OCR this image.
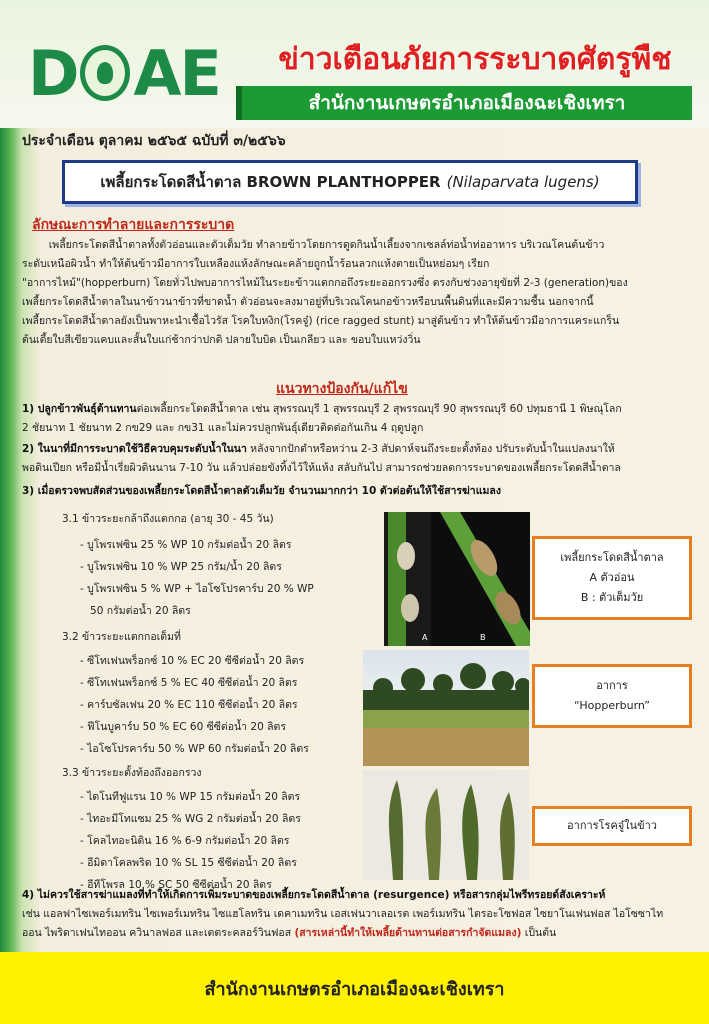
D AE	ข่าวเตือนภัยการระบาดศัตรูพืช
สำนักงานเกษตรอำเภอเมืองฉะเชิงเทรา
ประจำเดือน ตุลาคม ๒๕๖๕ ฉบับที่ ๓/๒๕๖๖
เพลี้ยกระโดดสีน้ำตาล BROWN PLANTHOPPER (Nilaparvata lugens)
ลักษณะการทำลายและการระบาด
เพลี้ยกระโดดสีน้ำตาลทั้งตัวอ่อนและตัวเต็มวัย ทำลายข้าวโดยการดูดกินน้ำเลี้ยงจากเซลล์ท่อน้ำท่ออาหาร บริเวณโคนต้นข้าว
ระดับเหนือผิวน้ำ ทำให้ต้นข้าวมีอาการใบเหลืองแห้งลักษณะคล้ายถูกน้ำร้อนลวกแห้งตายเป็นหย่อมๆ เรียก
"อาการไหม้"(hopperburn) โดยทั่วไปพบอาการไหม้ในระยะข้าวแตกกอถึงระยะออกรวงซึ่ง ตรงกับช่วงอายุขัยที่ 2-3 (generation)ของ
เพลี้ยกระโดดสีน้ำตาลในนาข้าวนาข้าวที่ขาดน้ำ ตัวอ่อนจะลงมาอยู่ที่บริเวณโคนกอข้าวหรือบนพื้นดินที่และมีความชื้น นอกจากนี้
เพลี้ยกระโดดสีน้ำตาลยังเป็นพาหะนำเชื้อไวรัส โรคใบหงิก(โรคจู๋) (rice ragged stunt) มาสู่ต้นข้าว ทำให้ต้นข้าวมีอาการแคระแกร็น
ต้นเตี้ยใบสีเขียวแคบและสั้นใบแก่ช้ากว่าปกติ ปลายใบบิด เป็นเกลียว และ ขอบใบแหว่งวิ่น
แนวทางป้องกัน/แก้ไข
1) ปลูกข้าวพันธุ์ต้านทานต่อเพลี้ยกระโดดสีน้ำตาล เช่น สุพรรณบุรี 1 สุพรรณบุรี 2 สุพรรณบุรี 90 สุพรรณบุรี 60 ปทุมธานี 1 พิษณุโลก
2 ชัยนาท 1 ชัยนาท 2 กข29 และ กข31 และไม่ควรปลูกพันธุ์เดียวติดต่อกันเกิน 4 ฤดูปลูก
2) ในนาที่มีการระบาดใช้วิธีควบคุมระดับน้ำในนา หลังจากปักดำหรือหว่าน 2-3 สัปดาห์จนถึงระยะตั้งท้อง ปรับระดับน้ำในแปลงนาให้
พอดินเปียก หรือมีน้ำเรี่ยผิวดินนาน 7-10 วัน แล้วปล่อยขังทิ้งไว้ให้แห้ง สลับกันไป สามารถช่วยลดการระบาดของเพลี้ยกระโดดสีน้ำตาล
3) เมื่อตรวจพบสัดส่วนของเพลี้ยกระโดดสีน้ำตาลตัวเต็มวัย จำนวนมากกว่า 10 ตัวต่อต้นให้ใช้สารฆ่าแมลง
3.1 ข้าวระยะกล้าถึงแตกกอ (อายุ 30 - 45 วัน)
- บูโพรเฟซิน 25 % WP 10 กรัมต่อน้ำ 20 ลิตร
- บูโพรเฟซิน 10 % WP 25 กรัม/น้ำ 20 ลิตร
- บูโพรเฟซิน 5 % WP + ไอโซโปรคาร์บ 20 % WP
50 กรัมต่อน้ำ 20 ลิตร
3.2 ข้าวระยะแตกกอเต็มที่
- ซีโทเฟนพร็อกซ์ 10 % EC 20 ซีซีต่อน้ำ 20 ลิตร
- ซีโทเฟนพร็อกซ์ 5 % EC 40 ซีซีต่อน้ำ 20 ลิตร
- คาร์บซัลเฟน 20 % EC 110 ซีซีต่อน้ำ 20 ลิตร
- ฟีโนบูคาร์บ 50 % EC 60 ซีซีต่อน้ำ 20 ลิตร
- ไอโซโปรคาร์บ 50 % WP 60 กรัมต่อน้ำ 20 ลิตร
3.3 ข้าวระยะตั้งท้องถึงออกรวง
- ไดโนทีฟูแรน 10 % WP 15 กรัมต่อน้ำ 20 ลิตร
- ไทอะมีโทแซม 25 % WG 2 กรัมต่อน้ำ 20 ลิตร
- โคลไทอะนิดิน 16 % 6-9 กรัมต่อน้ำ 20 ลิตร
- อีมิดาโคลพริด 10 % SL 15 ซีซีต่อน้ำ 20 ลิตร
- อีทีโพรล 10 % SC 50 ซีซีต่อน้ำ 20 ลิตร
A	B
เพลี้ยกระโดดสีน้ำตาล
A ตัวอ่อน
B : ตัวเต็มวัย
อาการ
“Hopperburn”
อาการโรคจู๋ในข้าว
4) ไม่ควรใช้สารฆ่าแมลงที่ทำให้เกิดการเพิ่มระบาดของเพลี้ยกระโดดสีน้ำตาล (resurgence) หรือสารกลุ่มไพรีทรอยด์สังเคราะห์
เช่น แอลฟาไซเพอร์เมทริน ไซเพอร์เมทริน ไซแฮโลทริน เดคาเมทริน เอสเฟนวาเลอเรต เพอร์เมทริน ไตรอะโซฟอส ไซยาโนเฟนฟอส ไอโซซาไท
ออน ไพริดาเฟนไทออน ควินาลฟอส และเตตระคลอร์วินฟอส (สารเหล่านี้ทำให้เพลี้ยต้านทานต่อสารกำจัดแมลง) เป็นต้น
สำนักงานเกษตรอำเภอเมืองฉะเชิงเทรา
